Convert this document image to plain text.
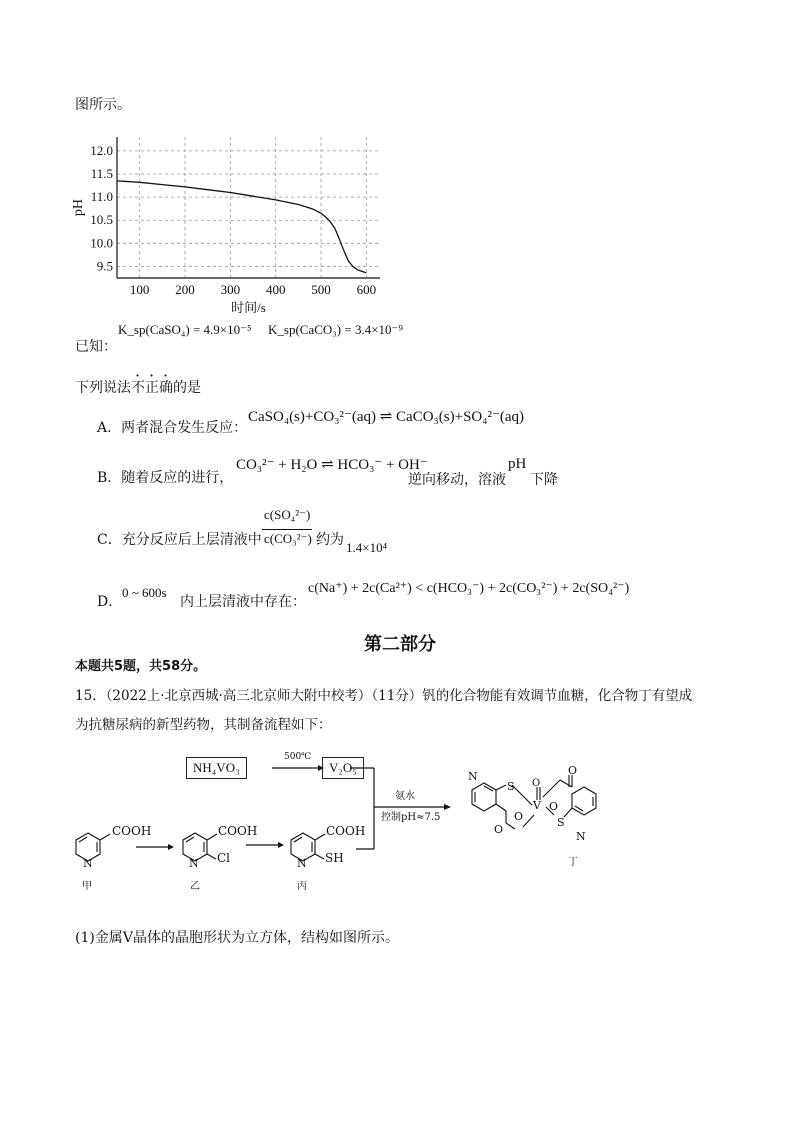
图所示。
100 200 300 400 500 600
9.5
10.0
10.5
11.0
11.5
12.0
时间/s
pH
已知：
K_sp(CaSO₄) = 4.9×10⁻⁵ K_sp(CaCO₃) = 3.4×10⁻⁹
下列说法不正确的是
A．两者混合发生反应：
CaSO₄(s)+CO₃²⁻(aq) ⇌ CaCO₃(s)+SO₄²⁻(aq)
B．随着反应的进行，
CO₃²⁻ + H₂O ⇌ HCO₃⁻ + OH⁻
逆向移动，溶液
pH
下降
C．充分反应后上层清液中
c(SO₄²⁻)
c(CO₃²⁻) 约为 1.4×10⁴
D．
0 ~ 600s
内上层清液中存在：
c(Na⁺) + 2c(Ca²⁺) < c(HCO₃⁻) + 2c(CO₃²⁻) + 2c(SO₄²⁻)
第二部分
本题共5题，共58分。
15．（2022上·北京西城·高三北京师大附中校考）（11分）钒的化合物能有效调节血糖，化合物丁有望成
为抗糖尿病的新型药物，其制备流程如下：
NH₄VO₃
500℃
V₂O₅
氨水
控制pH≈7.5
COOH
N
COOH
N Cl
COOH
N SH
甲	乙	丙
丁
N
S O
V
O
O
O
O
S
N
(1)金属V晶体的晶胞形状为立方体，结构如图所示。
